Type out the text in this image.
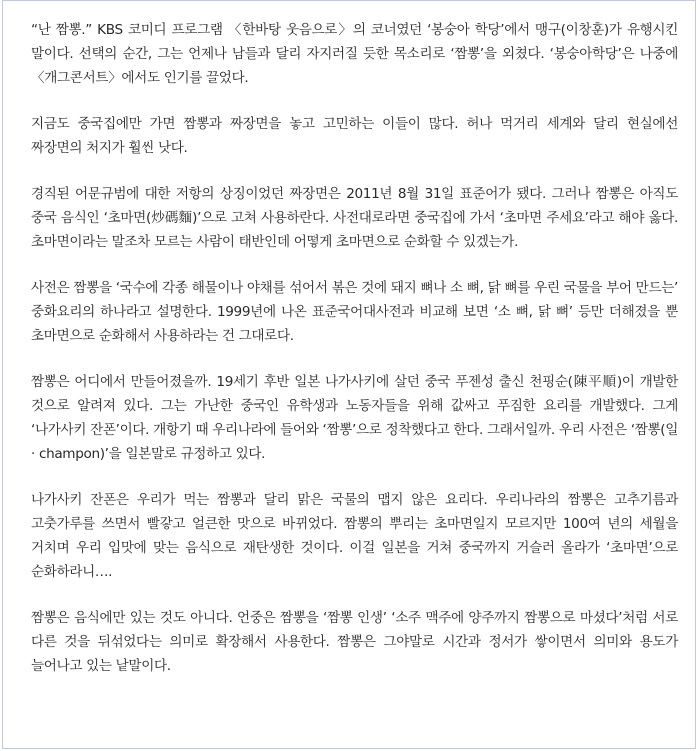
“난 짬뽕.” KBS 코미디 프로그램 〈한바탕 웃음으로〉의 코너였던 ‘봉숭아 학당’에서 맹구(이창훈)가 유행시킨 말이다. 선택의 순간, 그는 언제나 남들과 달리 자지러질 듯한 목소리로 ‘짬뽕’을 외쳤다. ‘봉숭아학당’은 나중에 〈개그콘서트〉에서도 인기를 끌었다.

지금도 중국집에만 가면 짬뽕과 짜장면을 놓고 고민하는 이들이 많다. 허나 먹거리 세계와 달리 현실에선 짜장면의 처지가 훨씬 낫다.

경직된 어문규범에 대한 저항의 상징이었던 짜장면은 2011년 8월 31일 표준어가 됐다. 그러나 짬뽕은 아직도 중국 음식인 ‘초마면(炒碼麵)’으로 고쳐 사용하란다. 사전대로라면 중국집에 가서 ‘초마면 주세요’라고 해야 옳다. 초마면이라는 말조차 모르는 사람이 태반인데 어떻게 초마면으로 순화할 수 있겠는가.

사전은 짬뽕을 ‘국수에 각종 해물이나 야채를 섞어서 볶은 것에 돼지 뼈나 소 뼈, 닭 뼈를 우린 국물을 부어 만드는’ 중화요리의 하나라고 설명한다. 1999년에 나온 표준국어대사전과 비교해 보면 ‘소 뼈, 닭 뼈’ 등만 더해졌을 뿐 초마면으로 순화해서 사용하라는 건 그대로다.

짬뽕은 어디에서 만들어졌을까. 19세기 후반 일본 나가사키에 살던 중국 푸젠성 출신 천핑순(陳平順)이 개발한 것으로 알려져 있다. 그는 가난한 중국인 유학생과 노동자들을 위해 값싸고 푸짐한 요리를 개발했다. 그게 ‘나가사키 잔폰’이다. 개항기 때 우리나라에 들어와 ‘짬뽕’으로 정착했다고 한다. 그래서일까. 우리 사전은 ‘짬뽕(일 · champon)’을 일본말로 규정하고 있다.

나가사키 잔폰은 우리가 먹는 짬뽕과 달리 맑은 국물의 맵지 않은 요리다. 우리나라의 짬뽕은 고추기름과 고춧가루를 쓰면서 빨갛고 얼큰한 맛으로 바뀌었다. 짬뽕의 뿌리는 초마면일지 모르지만 100여 년의 세월을 거치며 우리 입맛에 맞는 음식으로 재탄생한 것이다. 이걸 일본을 거쳐 중국까지 거슬러 올라가 ‘초마면’으로 순화하라니….

짬뽕은 음식에만 있는 것도 아니다. 언중은 짬뽕을 ‘짬뽕 인생’ ‘소주 맥주에 양주까지 짬뽕으로 마셨다’처럼 서로 다른 것을 뒤섞었다는 의미로 확장해서 사용한다. 짬뽕은 그야말로 시간과 정서가 쌓이면서 의미와 용도가 늘어나고 있는 낱말이다.
